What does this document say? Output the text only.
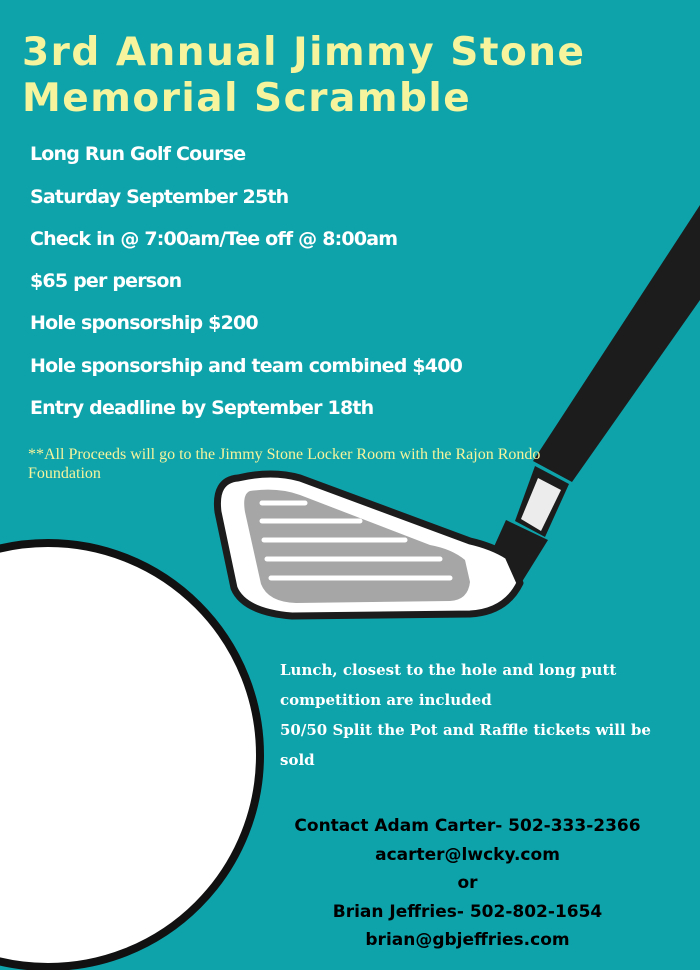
3rd Annual Jimmy Stone
Memorial Scramble

Long Run Golf Course

Saturday September 25th

Check in @ 7:00am/Tee off @ 8:00am

$65 per person

Hole sponsorship $200

Hole sponsorship and team combined $400

Entry deadline by September 18th

**All Proceeds will go to the Jimmy Stone Locker Room with the Rajon Rondo Foundation

Lunch, closest to the hole and long putt
competition are included
50/50 Split the Pot and Raffle tickets will be
sold

Contact Adam Carter- 502-333-2366
acarter@lwcky.com
or
Brian Jeffries- 502-802-1654
brian@gbjeffries.com
